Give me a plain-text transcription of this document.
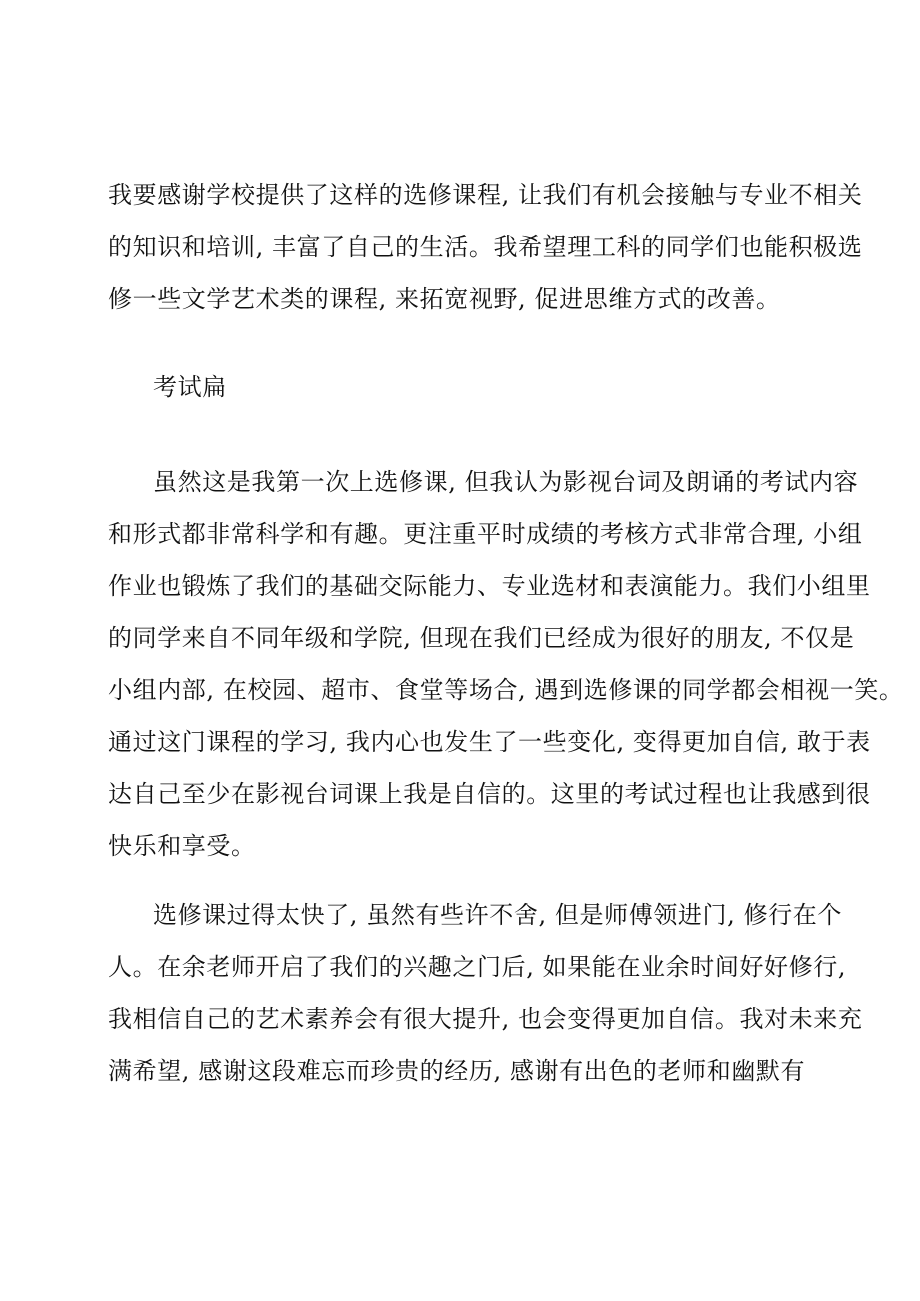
我要感谢学校提供了这样的选修课程, 让我们有机会接触与专业不相关
的知识和培训, 丰富了自己的生活。我希望理工科的同学们也能积极选
修一些文学艺术类的课程, 来拓宽视野, 促进思维方式的改善。
考试扁
虽然这是我第一次上选修课, 但我认为影视台词及朗诵的考试内容
和形式都非常科学和有趣。更注重平时成绩的考核方式非常合理, 小组
作业也锻炼了我们的基础交际能力、专业选材和表演能力。我们小组里
的同学来自不同年级和学院, 但现在我们已经成为很好的朋友, 不仅是
小组内部, 在校园、超市、食堂等场合, 遇到选修课的同学都会相视一笑。
通过这门课程的学习, 我内心也发生了一些变化, 变得更加自信, 敢于表
达自己至少在影视台词课上我是自信的。这里的考试过程也让我感到很
快乐和享受。
选修课过得太快了, 虽然有些许不舍, 但是师傅领进门, 修行在个
人。在余老师开启了我们的兴趣之门后, 如果能在业余时间好好修行,
我相信自己的艺术素养会有很大提升, 也会变得更加自信。我对未来充
满希望, 感谢这段难忘而珍贵的经历, 感谢有出色的老师和幽默有
